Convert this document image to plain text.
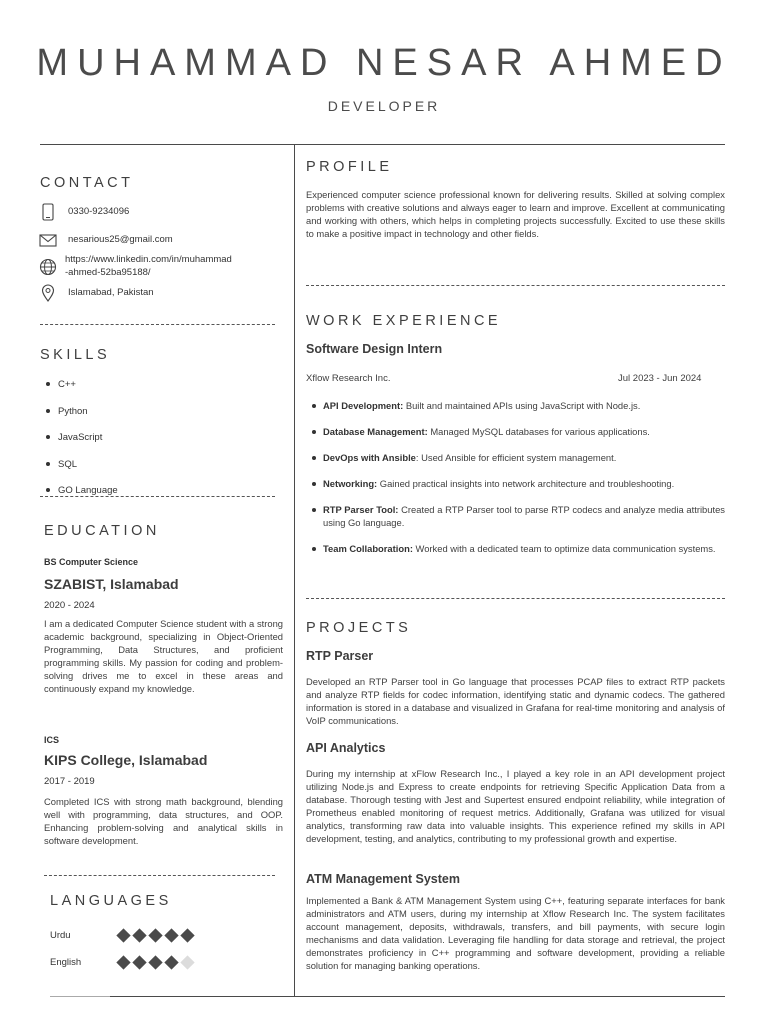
MUHAMMAD NESAR AHMED
DEVELOPER
CONTACT
0330-9234096
nesarious25@gmail.com
https://www.linkedin.com/in/muhammad
-ahmed-52ba95188/
Islamabad, Pakistan
SKILLS
C++
Python
JavaScript
SQL
GO Language
EDUCATION
BS Computer Science
SZABIST, Islamabad
2020 - 2024
I am a dedicated Computer Science student with a strong academic background, specializing in Object-Oriented Programming, Data Structures, and proficient programming skills. My passion for coding and problem-solving drives me to excel in these areas and continuously expand my knowledge.
ICS
KIPS College, Islamabad
2017 - 2019
Completed ICS with strong math background, blending well with programming, data structures, and OOP. Enhancing problem-solving and analytical skills in software development.
LANGUAGES
Urdu
English
PROFILE
Experienced computer science professional known for delivering results. Skilled at solving complex problems with creative solutions and always eager to learn and improve. Excellent at communicating and working with others, which helps in completing projects successfully. Excited to use these skills to make a positive impact in technology and other fields.
WORK EXPERIENCE
Software Design Intern
Xflow Research Inc.	Jul 2023 - Jun 2024
API Development: Built and maintained APIs using JavaScript with Node.js.
Database Management: Managed MySQL databases for various applications.
DevOps with Ansible: Used Ansible for efficient system management.
Networking: Gained practical insights into network architecture and troubleshooting.
RTP Parser Tool: Created a RTP Parser tool to parse RTP codecs and analyze media attributes using Go language.
Team Collaboration: Worked with a dedicated team to optimize data communication systems.
PROJECTS
RTP Parser
Developed an RTP Parser tool in Go language that processes PCAP files to extract RTP packets and analyze RTP fields for codec information, identifying static and dynamic codecs. The gathered information is stored in a database and visualized in Grafana for real-time monitoring and analysis of VoIP communications.
API Analytics
During my internship at xFlow Research Inc., I played a key role in an API development project utilizing Node.js and Express to create endpoints for retrieving Specific Application Data from a database. Thorough testing with Jest and Supertest ensured endpoint reliability, while integration of Prometheus enabled monitoring of request metrics. Additionally, Grafana was utilized for visual analytics, transforming raw data into valuable insights. This experience refined my skills in API development, testing, and analytics, contributing to my professional growth and expertise.
ATM Management System
Implemented a Bank & ATM Management System using C++, featuring separate interfaces for bank administrators and ATM users, during my internship at Xflow Research Inc. The system facilitates account management, deposits, withdrawals, transfers, and bill payments, with secure login mechanisms and data validation. Leveraging file handling for data storage and retrieval, the project demonstrates proficiency in C++ programming and software development, providing a reliable solution for managing banking operations.
